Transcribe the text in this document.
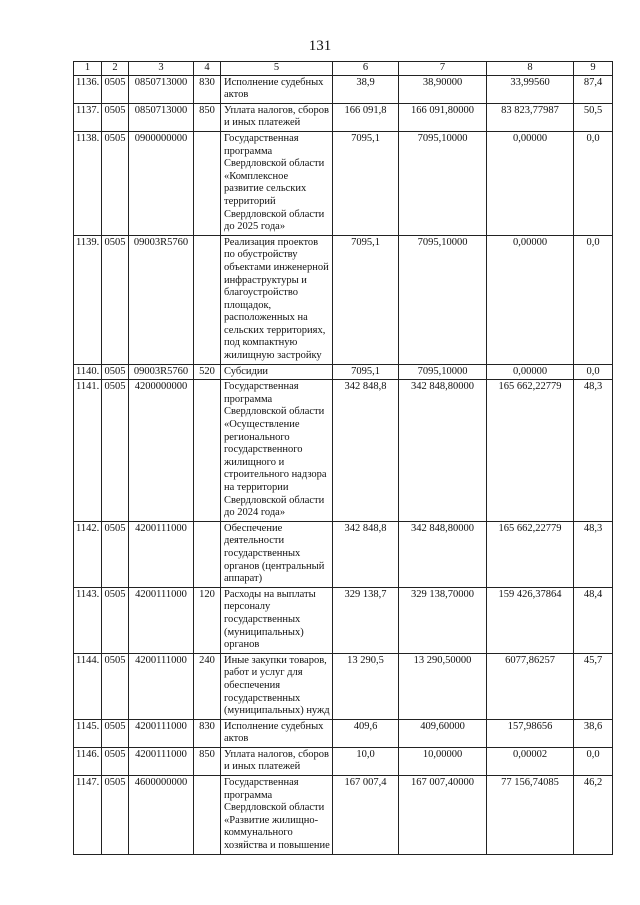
131
1	2	3	4	5	6	7	8	9
1136.	0505	0850713000	830	Исполнение судебных актов	38,9	38,90000	33,99560	87,4
1137.	0505	0850713000	850	Уплата налогов, сборов и иных платежей	166 091,8	166 091,80000	83 823,77987	50,5
1138.	0505	0900000000		Государственная программа Свердловской области «Комплексное развитие сельских территорий Свердловской области до 2025 года»	7095,1	7095,10000	0,00000	0,0
1139.	0505	09003R5760		Реализация проектов по обустройству объектами инженерной инфраструктуры и благоустройство площадок, расположенных на сельских территориях, под компактную жилищную застройку	7095,1	7095,10000	0,00000	0,0
1140.	0505	09003R5760	520	Субсидии	7095,1	7095,10000	0,00000	0,0
1141.	0505	4200000000		Государственная программа Свердловской области «Осуществление регионального государственного жилищного и строительного надзора на территории Свердловской области до 2024 года»	342 848,8	342 848,80000	165 662,22779	48,3
1142.	0505	4200111000		Обеспечение деятельности государственных органов (центральный аппарат)	342 848,8	342 848,80000	165 662,22779	48,3
1143.	0505	4200111000	120	Расходы на выплаты персоналу государственных (муниципальных) органов	329 138,7	329 138,70000	159 426,37864	48,4
1144.	0505	4200111000	240	Иные закупки товаров, работ и услуг для обеспечения государственных (муниципальных) нужд	13 290,5	13 290,50000	6077,86257	45,7
1145.	0505	4200111000	830	Исполнение судебных актов	409,6	409,60000	157,98656	38,6
1146.	0505	4200111000	850	Уплата налогов, сборов и иных платежей	10,0	10,00000	0,00002	0,0
1147.	0505	4600000000		Государственная программа Свердловской области «Развитие жилищно-коммунального хозяйства и повышение	167 007,4	167 007,40000	77 156,74085	46,2
